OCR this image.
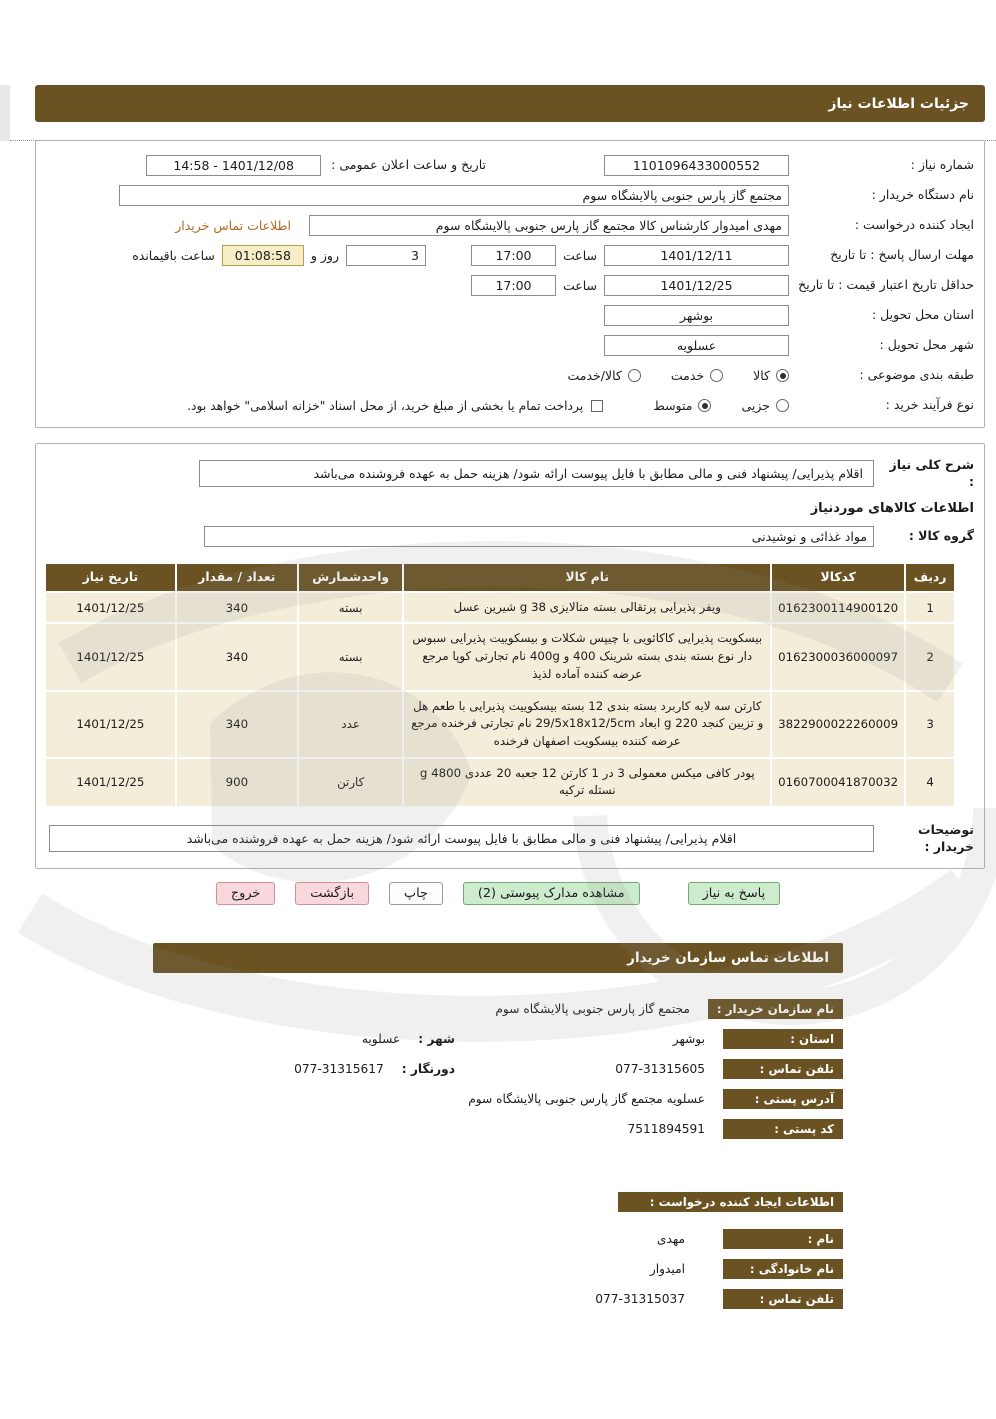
جزئیات اطلاعات نیاز
شماره نیاز :
1101096433000552
تاریخ و ساعت اعلان عمومی :
1401/12/08 - 14:58
نام دستگاه خریدار :
مجتمع گاز پارس جنوبی پالایشگاه سوم
ایجاد کننده درخواست :
مهدی امیدوار کارشناس کالا مجتمع گاز پارس جنوبی پالایشگاه سوم
اطلاعات تماس خریدار
مهلت ارسال پاسخ : تا تاریخ
1401/12/11
ساعت
17:00
3
روز و
01:08:58
ساعت باقیمانده
حداقل تاریخ اعتبار قیمت : تا تاریخ
1401/12/25
ساعت
17:00
استان محل تحویل :
بوشهر
شهر محل تحویل :
عسلویه
طبقه بندی موضوعی :
کالا
خدمت
کالا/خدمت
نوع فرآیند خرید :
جزیی
متوسط
پرداخت تمام یا بخشی از مبلغ خرید، از محل اسناد "خزانه اسلامی" خواهد بود.
شرح کلی نیاز :
اقلام پذیرایی/ پیشنهاد فنی و مالی مطابق با فایل پیوست ارائه شود/ هزینه حمل به عهده فروشنده می‌باشد
اطلاعات کالاهای موردنیاز
گروه کالا :
مواد غذائی و نوشیدنی
ردیف	کدکالا	نام کالا	واحدشمارش	تعداد / مقدار	تاریخ نیاز
1	0162300114900120	ویفر پذیرایی پرتقالی بسته متالایزی 38 g شیرین عسل	بسته	340	1401/12/25
2	0162300036000097	بیسکویت پذیرایی کاکائویی با چیپس شکلات و بیسکوییت پذیرایی سبوس دار نوع بسته بندی بسته شرینک 400 و 400g نام تجارتی کوپا مرجع عرضه کننده آماده لذیذ	بسته	340	1401/12/25
3	3822900022260009	کارتن سه لایه کاربرد بسته بندی 12 بسته بیسکوییت پذیرایی با طعم هل و تزیین کنجد 220 g ابعاد 29/5x18x12/5cm نام تجارتی فرخنده مرجع عرضه کننده بیسکویت اصفهان فرخنده	عدد	340	1401/12/25
4	0160700041870032	پودر کافی میکس معمولی 3 در 1 کارتن 12 جعبه 20 عددی 4800 g نستله ترکیه	کارتن	900	1401/12/25
توضیحات خریدار :
اقلام پذیرایی/ پیشنهاد فنی و مالی مطابق با فایل پیوست ارائه شود/ هزینه حمل به عهده فروشنده می‌باشد
پاسخ به نیاز
مشاهده مدارک پیوستی (2)
چاپ
بازگشت
خروج
اطلاعات تماس سازمان خریدار
نام سازمان خریدار :
مجتمع گاز پارس جنوبی پالایشگاه سوم
استان :
بوشهر
شهر :
عسلویه
تلفن تماس :
077-31315605
دورنگار :
077-31315617
آدرس پستی :
عسلویه مجتمع گاز پارس جنوبی پالایشگاه سوم
کد پستی :
7511894591
اطلاعات ایجاد کننده درخواست :
نام :
مهدی
نام خانوادگی :
امیدوار
تلفن تماس :
077-31315037
